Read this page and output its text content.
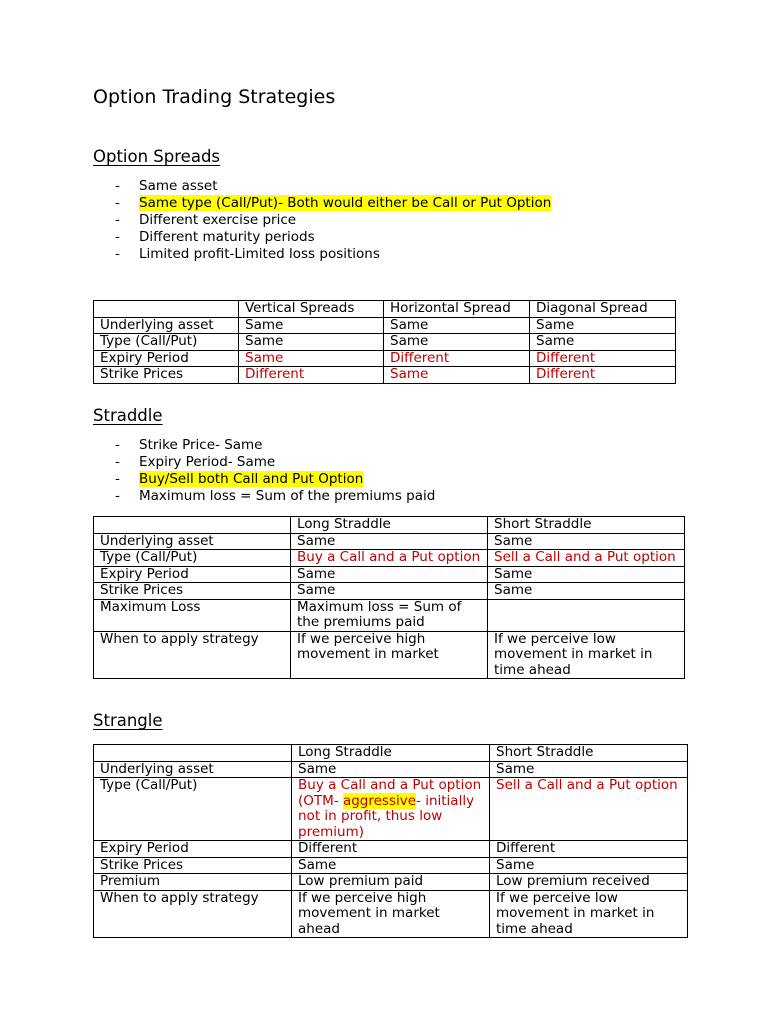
Option Trading Strategies
Option Spreads
- Same asset
- Same type (Call/Put)- Both would either be Call or Put Option
- Different exercise price
- Different maturity periods
- Limited profit-Limited loss positions
	Vertical Spreads	Horizontal Spread	Diagonal Spread
Underlying asset	Same	Same	Same
Type (Call/Put)	Same	Same	Same
Expiry Period	Same	Different	Different
Strike Prices	Different	Same	Different
Straddle
- Strike Price- Same
- Expiry Period- Same
- Buy/Sell both Call and Put Option
- Maximum loss = Sum of the premiums paid
	Long Straddle	Short Straddle
Underlying asset	Same	Same
Type (Call/Put)	Buy a Call and a Put option	Sell a Call and a Put option
Expiry Period	Same	Same
Strike Prices	Same	Same
Maximum Loss	Maximum loss = Sum of the premiums paid	
When to apply strategy	If we perceive high movement in market	If we perceive low movement in market in time ahead
Strangle
	Long Straddle	Short Straddle
Underlying asset	Same	Same
Type (Call/Put)	Buy a Call and a Put option (OTM- aggressive- initially not in profit, thus low premium)	Sell a Call and a Put option
Expiry Period	Different	Different
Strike Prices	Same	Same
Premium	Low premium paid	Low premium received
When to apply strategy	If we perceive high movement in market ahead	If we perceive low movement in market in time ahead
